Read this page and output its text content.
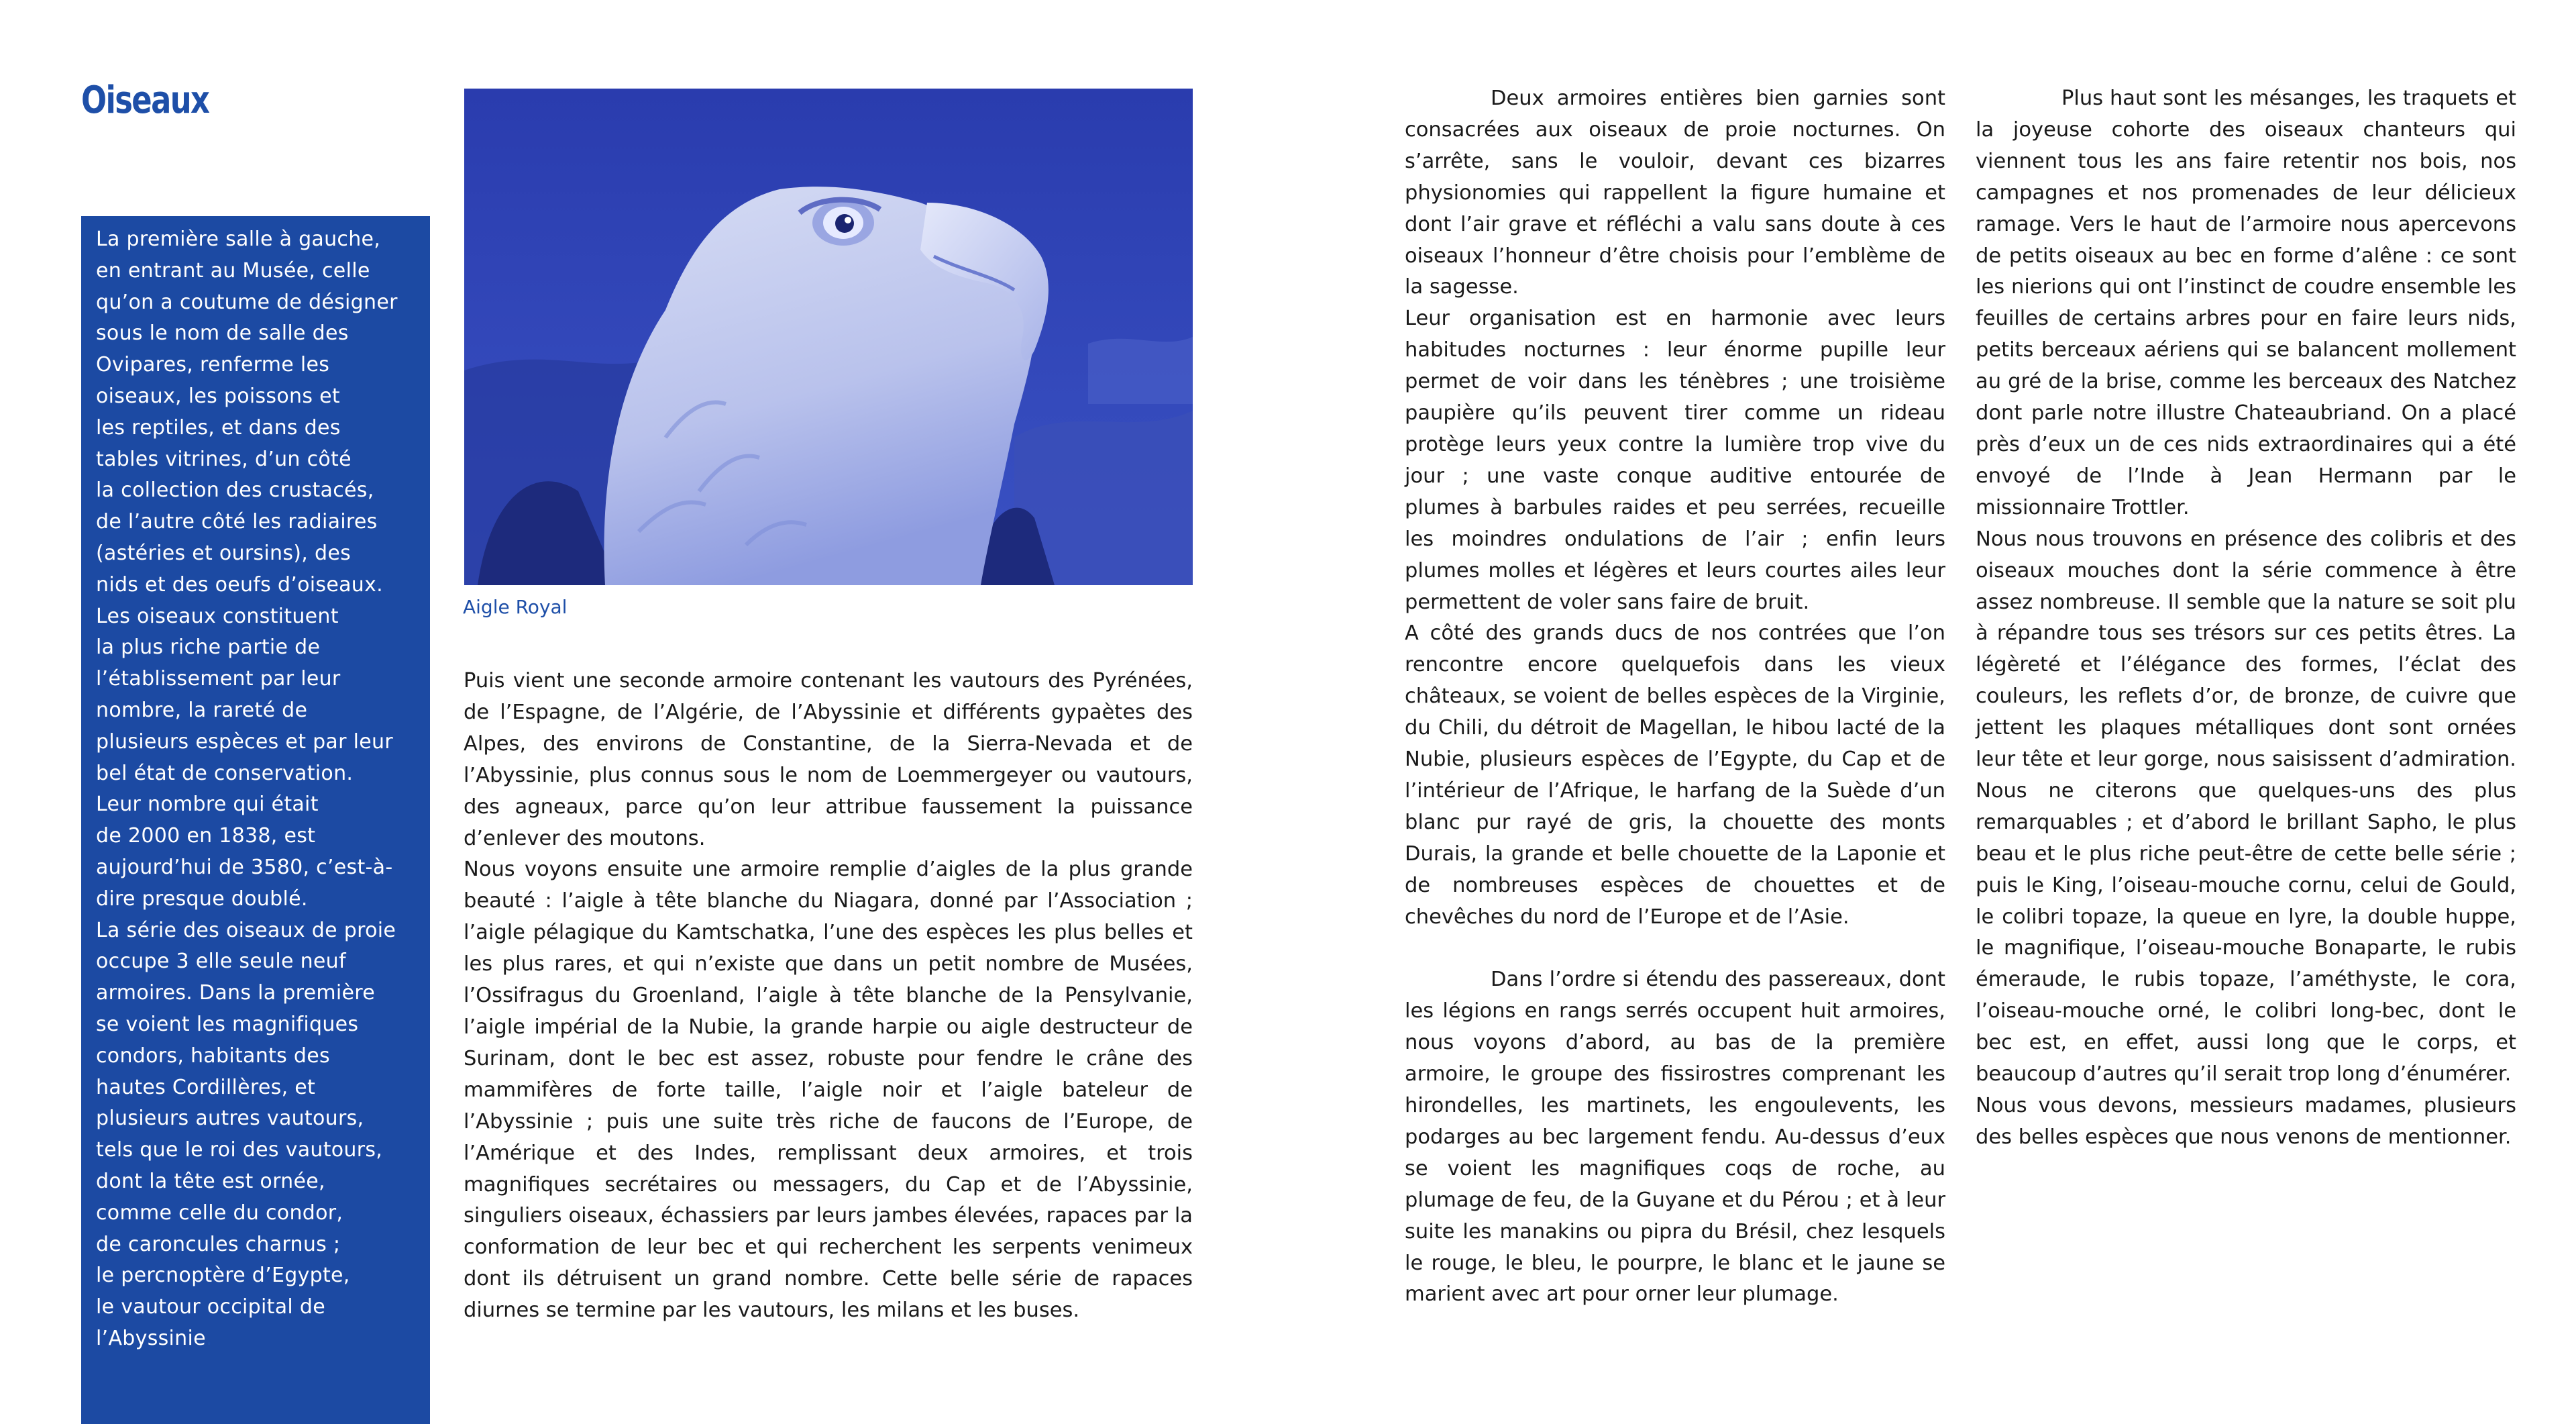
Oiseaux

La première salle à gauche,
en entrant au Musée, celle
qu’on a coutume de désigner
sous le nom de salle des
Ovipares, renferme les
oiseaux, les poissons et
les reptiles, et dans des
tables vitrines, d’un côté
la collection des crustacés,
de l’autre côté les radiaires
(astéries et oursins), des
nids et des oeufs d’oiseaux.
Les oiseaux constituent
la plus riche partie de
l’établissement par leur
nombre, la rareté de
plusieurs espèces et par leur
bel état de conservation.
Leur nombre qui était
de 2000 en 1838, est
aujourd’hui de 3580, c’est-à-
dire presque doublé.
La série des oiseaux de proie
occupe 3 elle seule neuf
armoires. Dans la première
se voient les magnifiques
condors, habitants des
hautes Cordillères, et
plusieurs autres vautours,
tels que le roi des vautours,
dont la tête est ornée,
comme celle du condor,
de caroncules charnus ;
le percnoptère d’Egypte,
le vautour occipital de
l’Abyssinie.

Aigle Royal

Puis vient une seconde armoire contenant les vautours des Pyrénées, de l’Espagne, de l’Algérie, de l’Abyssinie et différents gypaètes des Alpes, des environs de Constantine, de la Sierra-Nevada et de l’Abyssinie, plus connus sous le nom de Loemmergeyer ou vautours, des agneaux, parce qu’on leur attribue faussement la puissance d’enlever des moutons.

Nous voyons ensuite une armoire remplie d’aigles de la plus grande beauté : l’aigle à tête blanche du Niagara, donné par l’Association ; l’aigle pélagique du Kamtschatka, l’une des espèces les plus belles et les plus rares, et qui n’existe que dans un petit nombre de Musées, l’Ossifragus du Groenland, l’aigle à tête blanche de la Pensylvanie, l’aigle impérial de la Nubie, la grande harpie ou aigle destructeur de Surinam, dont le bec est assez, robuste pour fendre le crâne des mammifères de forte taille, l’aigle noir et l’aigle bateleur de l’Abyssinie ; puis une suite très riche de faucons de l’Europe, de l’Amérique et des Indes, remplissant deux armoires, et trois magnifiques secrétaires ou messagers, du Cap et de l’Abyssinie, singuliers oiseaux, échassiers par leurs jambes élevées, rapaces par la conformation de leur bec et qui recherchent les serpents venimeux dont ils détruisent un grand nombre. Cette belle série de rapaces diurnes se termine par les vautours, les milans et les buses.

Deux armoires entières bien garnies sont consacrées aux oiseaux de proie nocturnes. On s’arrête, sans le vouloir, devant ces bizarres physionomies qui rappellent la figure humaine et dont l’air grave et réfléchi a valu sans doute à ces oiseaux l’honneur d’être choisis pour l’emblème de la sagesse.

Leur organisation est en harmonie avec leurs habitudes nocturnes : leur énorme pupille leur permet de voir dans les ténèbres ; une troisième paupière qu’ils peuvent tirer comme un rideau protège leurs yeux contre la lumière trop vive du jour ; une vaste conque auditive entourée de plumes à barbules raides et peu serrées, recueille les moindres ondulations de l’air ; enfin leurs plumes molles et légères et leurs courtes ailes leur permettent de voler sans faire de bruit.

A côté des grands ducs de nos contrées que l’on rencontre encore quelquefois dans les vieux châteaux, se voient de belles espèces de la Virginie, du Chili, du détroit de Magellan, le hibou lacté de la Nubie, plusieurs espèces de l’Egypte, du Cap et de l’intérieur de l’Afrique, le harfang de la Suède d’un blanc pur rayé de gris, la chouette des monts Durais, la grande et belle chouette de la Laponie et de nombreuses espèces de chouettes et de chevêches du nord de l’Europe et de l’Asie.

Dans l’ordre si étendu des passereaux, dont les légions en rangs serrés occupent huit armoires, nous voyons d’abord, au bas de la première armoire, le groupe des fissirostres comprenant les hirondelles, les martinets, les engoulevents, les podarges au bec largement fendu. Au-dessus d’eux se voient les magnifiques coqs de roche, au plumage de feu, de la Guyane et du Pérou ; et à leur suite les manakins ou pipra du Brésil, chez lesquels le rouge, le bleu, le pourpre, le blanc et le jaune se marient avec art pour orner leur plumage.

Plus haut sont les mésanges, les traquets et la joyeuse cohorte des oiseaux chanteurs qui viennent tous les ans faire retentir nos bois, nos campagnes et nos promenades de leur délicieux ramage. Vers le haut de l’armoire nous apercevons de petits oiseaux au bec en forme d’alêne : ce sont les nierions qui ont l’instinct de coudre ensemble les feuilles de certains arbres pour en faire leurs nids, petits berceaux aériens qui se balancent mollement au gré de la brise, comme les berceaux des Natchez dont parle notre illustre Chateaubriand. On a placé près d’eux un de ces nids extraordinaires qui a été envoyé de l’Inde à Jean Hermann par le missionnaire Trottler.

Nous nous trouvons en présence des colibris et des oiseaux mouches dont la série commence à être assez nombreuse. Il semble que la nature se soit plu à répandre tous ses trésors sur ces petits êtres. La légèreté et l’élégance des formes, l’éclat des couleurs, les reflets d’or, de bronze, de cuivre que jettent les plaques métalliques dont sont ornées leur tête et leur gorge, nous saisissent d’admiration. Nous ne citerons que quelques-uns des plus remarquables ; et d’abord le brillant Sapho, le plus beau et le plus riche peut-être de cette belle série ; puis le King, l’oiseau-mouche cornu, celui de Gould, le colibri topaze, la queue en lyre, la double huppe, le magnifique, l’oiseau-mouche Bonaparte, le rubis émeraude, le rubis topaze, l’améthyste, le cora, l’oiseau-mouche orné, le colibri long-bec, dont le bec est, en effet, aussi long que le corps, et beaucoup d’autres qu’il serait trop long d’énumérer.

Nous vous devons, messieurs madames, plusieurs des belles espèces que nous venons de mentionner.
